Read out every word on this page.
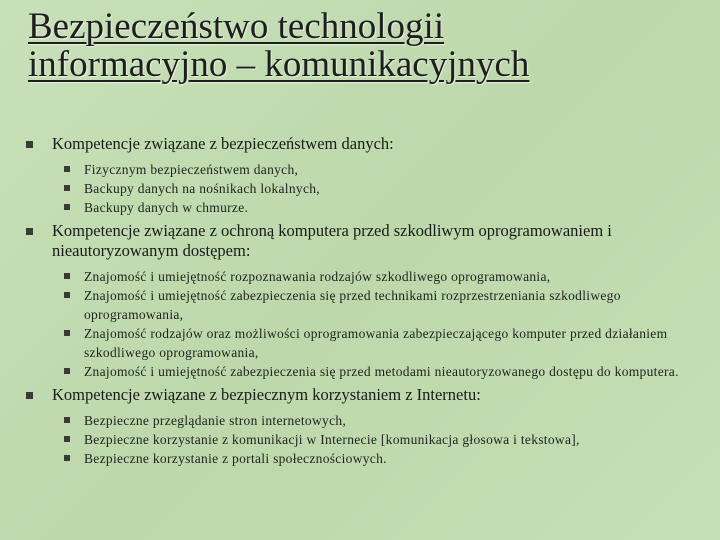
Bezpieczeństwo technologii
informacyjno – komunikacyjnych
Kompetencje związane z bezpieczeństwem danych:
Fizycznym bezpieczeństwem danych,
Backupy danych na nośnikach lokalnych,
Backupy danych w chmurze.
Kompetencje związane z ochroną komputera przed szkodliwym oprogramowaniem i nieautoryzowanym dostępem:
Znajomość i umiejętność rozpoznawania rodzajów szkodliwego oprogramowania,
Znajomość i umiejętność zabezpieczenia się przed technikami rozprzestrzeniania szkodliwego oprogramowania,
Znajomość rodzajów oraz możliwości oprogramowania zabezpieczającego komputer przed działaniem szkodliwego oprogramowania,
Znajomość i umiejętność zabezpieczenia się przed metodami nieautoryzowanego dostępu do komputera.
Kompetencje związane z bezpiecznym korzystaniem z Internetu:
Bezpieczne przeglądanie stron internetowych,
Bezpieczne korzystanie z komunikacji w Internecie [komunikacja głosowa i tekstowa],
Bezpieczne korzystanie z portali społecznościowych.
